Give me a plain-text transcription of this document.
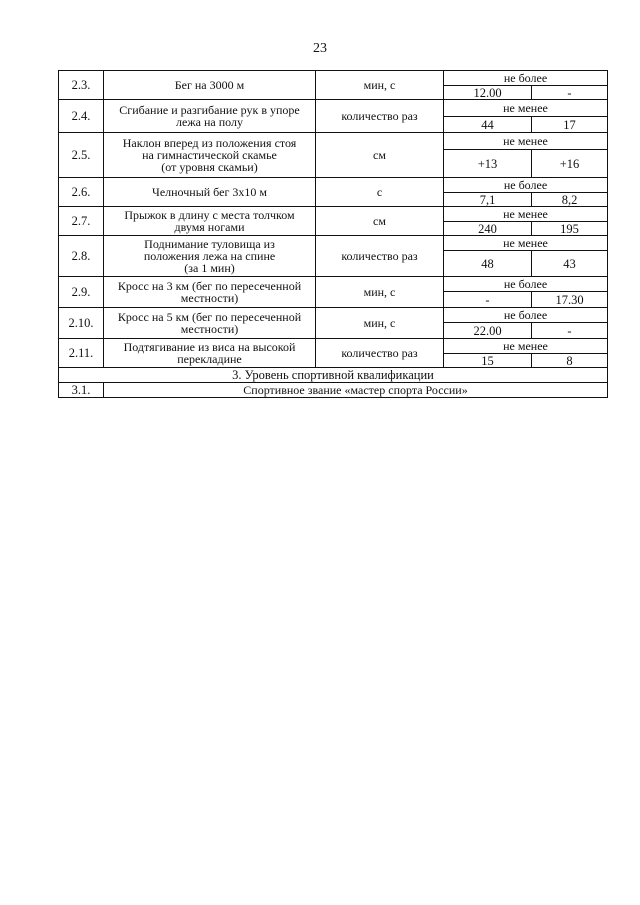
23
2.3.	Бег на 3000 м	мин, с	не более	
			12.00	-
2.4.	Сгибание и разгибание рук в упоре
лежа на полу	количество раз	не менее	
			44	17
2.5.	Наклон вперед из положения стоя
на гимнастической скамье
(от уровня скамьи)	см	не менее	
			+13	+16
2.6.	Челночный бег 3x10 м	с	не более	
			7,1	8,2
2.7.	Прыжок в длину с места толчком
двумя ногами	см	не менее	
			240	195
2.8.	Поднимание туловища из
положения лежа на спине
(за 1 мин)	количество раз	не менее	
			48	43
2.9.	Кросс на 3 км (бег по пересеченной
местности)	мин, с	не более	
			-	17.30
2.10.	Кросс на 5 км (бег по пересеченной
местности)	мин, с	не более	
			22.00	-
2.11.	Подтягивание из виса на высокой
перекладине	количество раз	не менее	
			15	8
3. Уровень спортивной квалификации				
3.1.	Спортивное звание «мастер спорта России»			
